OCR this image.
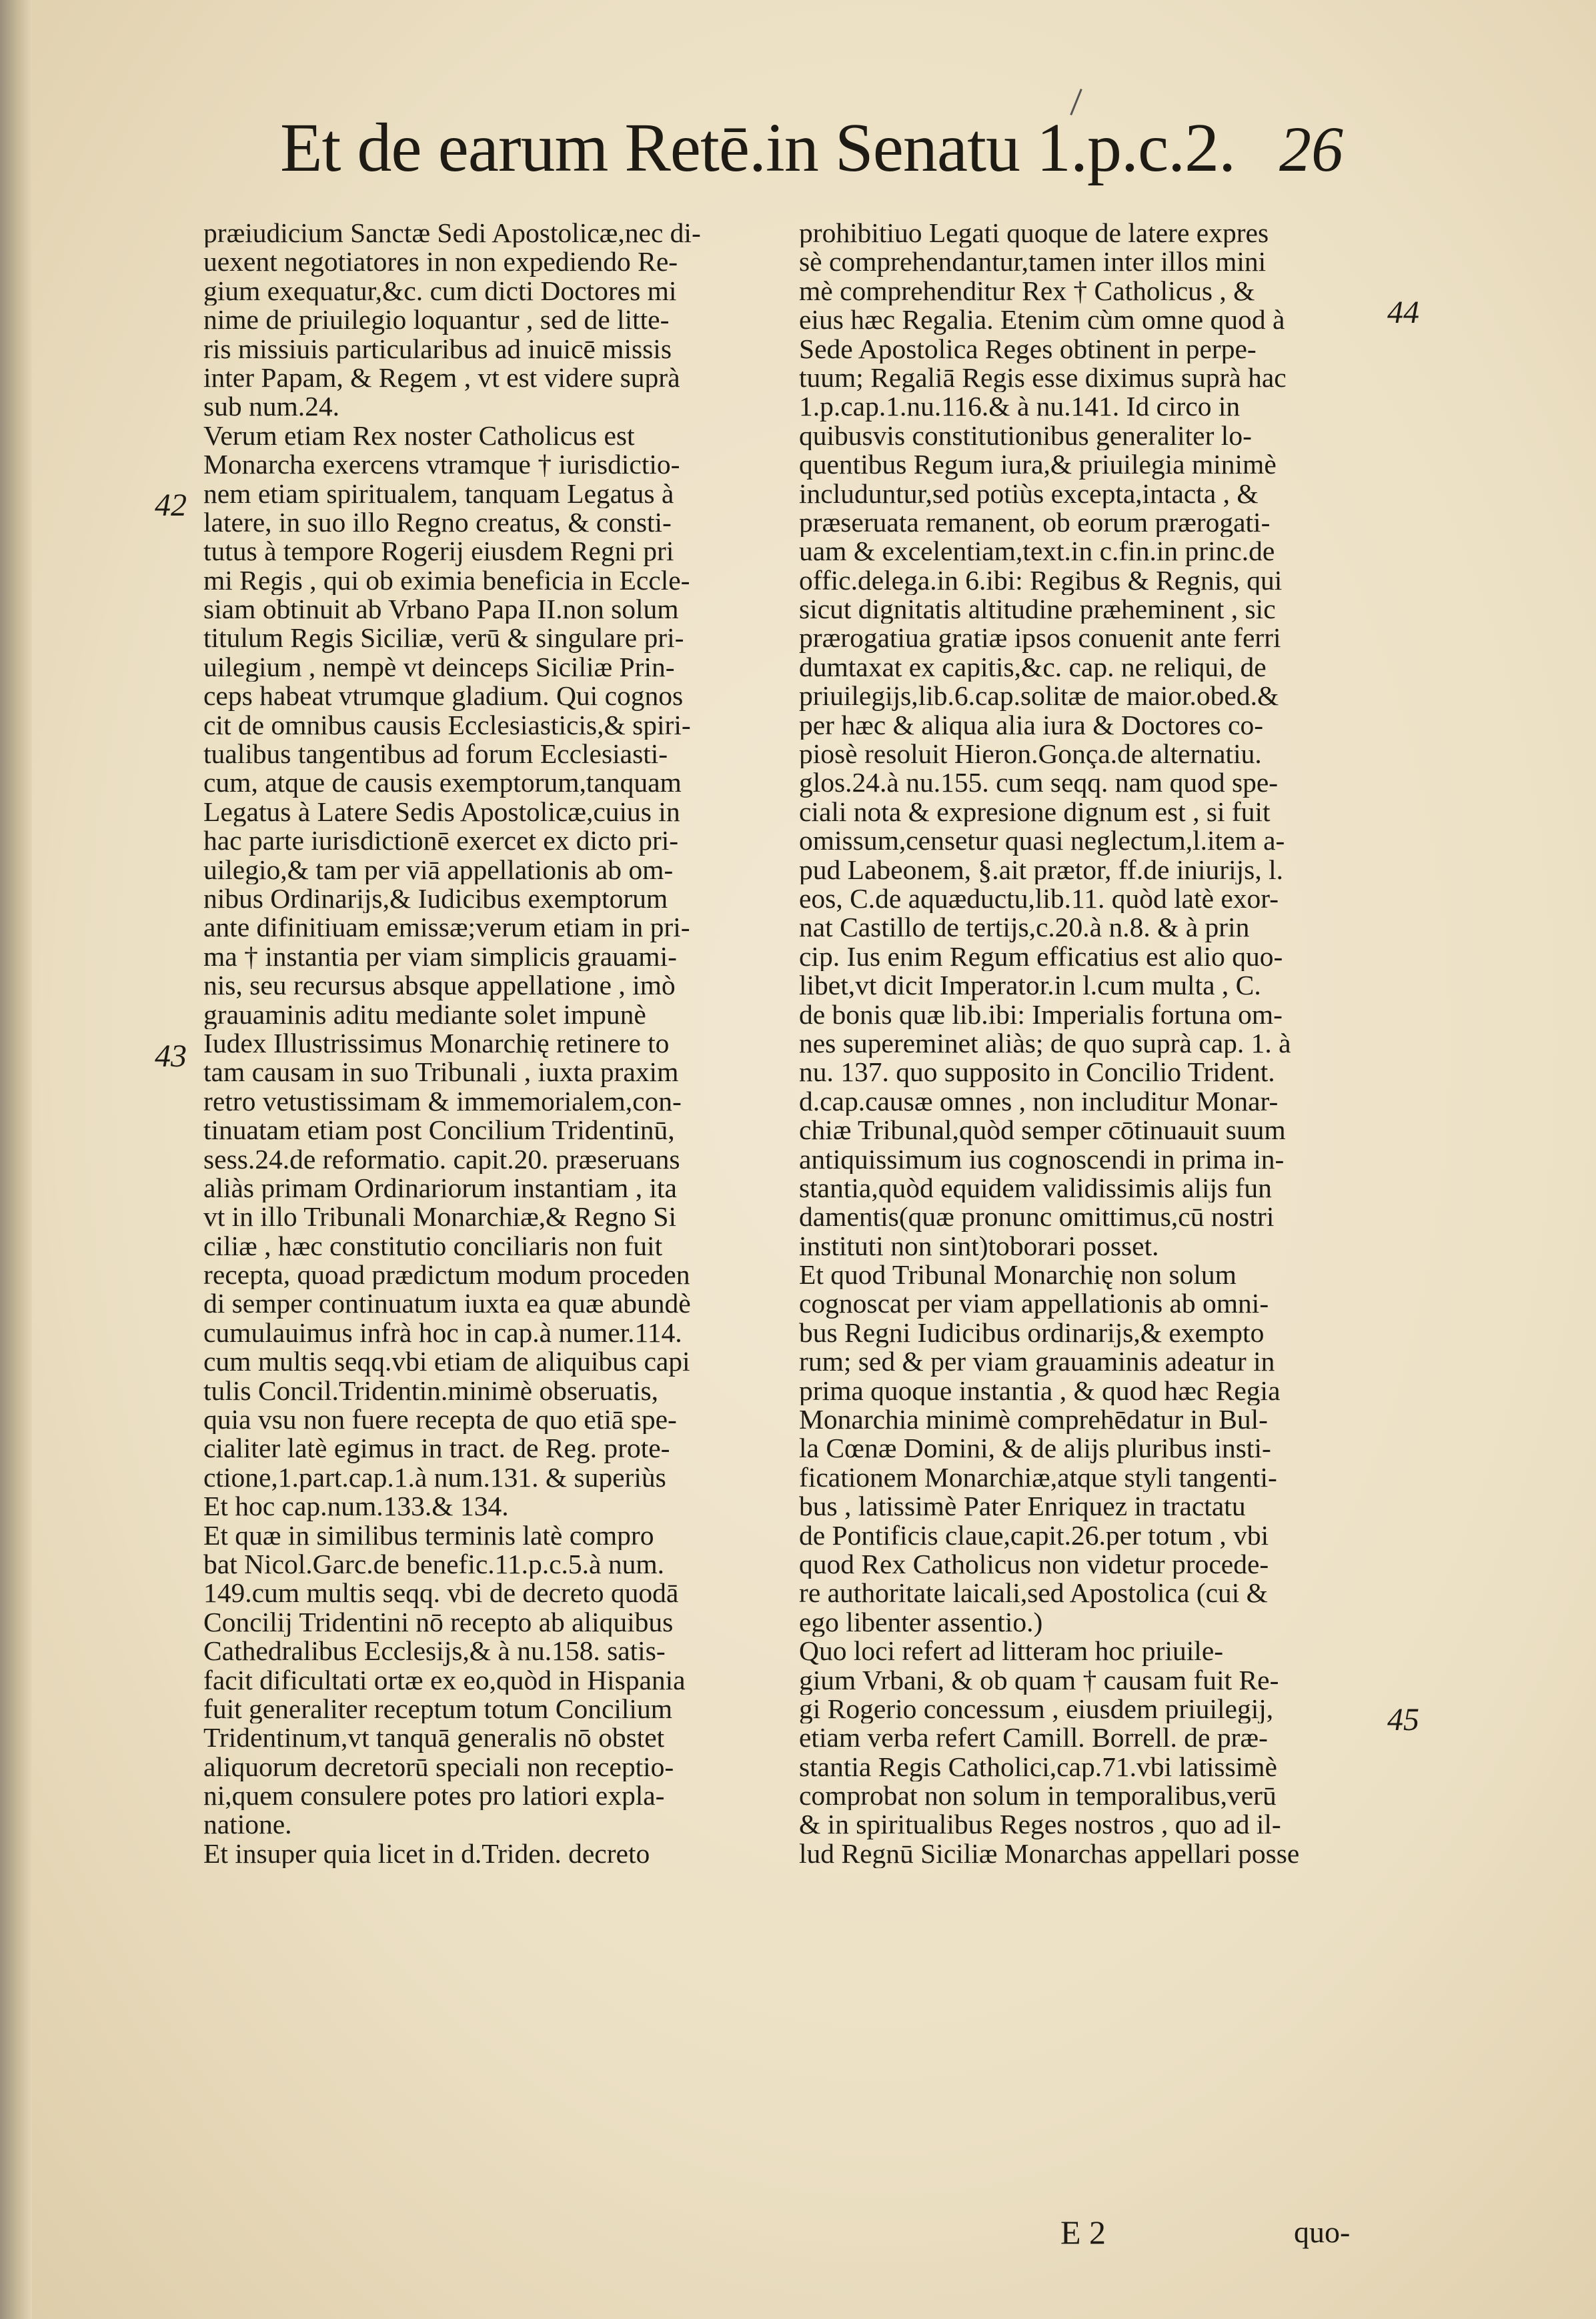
Et de earum Retē.in Senatu 1.p.c.2. 26
42
43
44
45
præiudicium Sanctæ Sedi Apostolicæ,nec di-
uexent negotiatores in non expediendo Re-
gium exequatur,&c. cum dicti Doctores mi
nime de priuilegio loquantur , sed de litte-
ris missiuis particularibus ad inuicē missis
inter Papam, & Regem , vt est videre suprà
sub num.24.
Verum etiam Rex noster Catholicus est
Monarcha exercens vtramque † iurisdictio-
nem etiam spiritualem, tanquam Legatus à
latere, in suo illo Regno creatus, & consti-
tutus à tempore Rogerij eiusdem Regni pri
mi Regis , qui ob eximia beneficia in Eccle-
siam obtinuit ab Vrbano Papa II.non solum
titulum Regis Siciliæ, verū & singulare pri-
uilegium , nempè vt deinceps Siciliæ Prin-
ceps habeat vtrumque gladium. Qui cognos
cit de omnibus causis Ecclesiasticis,& spiri-
tualibus tangentibus ad forum Ecclesiasti-
cum, atque de causis exemptorum,tanquam
Legatus à Latere Sedis Apostolicæ,cuius in
hac parte iurisdictionē exercet ex dicto pri-
uilegio,& tam per viā appellationis ab om-
nibus Ordinarijs,& Iudicibus exemptorum
ante difinitiuam emissæ;verum etiam in pri-
ma † instantia per viam simplicis grauami-
nis, seu recursus absque appellatione , imò
grauaminis aditu mediante solet impunè
Iudex Illustrissimus Monarchię retinere to
tam causam in suo Tribunali , iuxta praxim
retro vetustissimam & immemorialem,con-
tinuatam etiam post Concilium Tridentinū,
sess.24.de reformatio. capit.20. præseruans
aliàs primam Ordinariorum instantiam , ita
vt in illo Tribunali Monarchiæ,& Regno Si
ciliæ , hæc constitutio conciliaris non fuit
recepta, quoad prædictum modum proceden
di semper continuatum iuxta ea quæ abundè
cumulauimus infrà hoc in cap.à numer.114.
cum multis seqq.vbi etiam de aliquibus capi
tulis Concil.Tridentin.minimè obseruatis,
quia vsu non fuere recepta de quo etiā spe-
cialiter latè egimus in tract. de Reg. prote-
ctione,1.part.cap.1.à num.131. & superiùs
Et hoc cap.num.133.& 134.
Et quæ in similibus terminis latè compro
bat Nicol.Garc.de benefic.11.p.c.5.à num.
149.cum multis seqq. vbi de decreto quodā
Concilij Tridentini nō recepto ab aliquibus
Cathedralibus Ecclesijs,& à nu.158. satis-
facit dificultati ortæ ex eo,quòd in Hispania
fuit generaliter receptum totum Concilium
Tridentinum,vt tanquā generalis nō obstet
aliquorum decretorū speciali non receptio-
ni,quem consulere potes pro latiori expla-
natione.
Et insuper quia licet in d.Triden. decreto
prohibitiuo Legati quoque de latere expres
sè comprehendantur,tamen inter illos mini
mè comprehenditur Rex † Catholicus , &
eius hæc Regalia. Etenim cùm omne quod à
Sede Apostolica Reges obtinent in perpe-
tuum; Regaliā Regis esse diximus suprà hac
1.p.cap.1.nu.116.& à nu.141. Id circo in
quibusvis constitutionibus generaliter lo-
quentibus Regum iura,& priuilegia minimè
includuntur,sed potiùs excepta,intacta , &
præseruata remanent, ob eorum prærogati-
uam & excelentiam,text.in c.fin.in princ.de
offic.delega.in 6.ibi: Regibus & Regnis, qui
sicut dignitatis altitudine præheminent , sic
prærogatiua gratiæ ipsos conuenit ante ferri
dumtaxat ex capitis,&c. cap. ne reliqui, de
priuilegijs,lib.6.cap.solitæ de maior.obed.&
per hæc & aliqua alia iura & Doctores co-
piosè resoluit Hieron.Gonça.de alternatiu.
glos.24.à nu.155. cum seqq. nam quod spe-
ciali nota & expresione dignum est , si fuit
omissum,censetur quasi neglectum,l.item a-
pud Labeonem, §.ait prætor, ff.de iniurijs, l.
eos, C.de aquæductu,lib.11. quòd latè exor-
nat Castillo de tertijs,c.20.à n.8. & à prin
cip. Ius enim Regum efficatius est alio quo-
libet,vt dicit Imperator.in l.cum multa , C.
de bonis quæ lib.ibi: Imperialis fortuna om-
nes supereminet aliàs; de quo suprà cap. 1. à
nu. 137. quo supposito in Concilio Trident.
d.cap.causæ omnes , non includitur Monar-
chiæ Tribunal,quòd semper cōtinuauit suum
antiquissimum ius cognoscendi in prima in-
stantia,quòd equidem validissimis alijs fun
damentis(quæ pronunc omittimus,cū nostri
instituti non sint)toborari posset.
Et quod Tribunal Monarchię non solum
cognoscat per viam appellationis ab omni-
bus Regni Iudicibus ordinarijs,& exempto
rum; sed & per viam grauaminis adeatur in
prima quoque instantia , & quod hæc Regia
Monarchia minimè comprehēdatur in Bul-
la Cœnæ Domini, & de alijs pluribus insti-
ficationem Monarchiæ,atque styli tangenti-
bus , latissimè Pater Enriquez in tractatu
de Pontificis claue,capit.26.per totum , vbi
quod Rex Catholicus non videtur procede-
re authoritate laicali,sed Apostolica (cui &
ego libenter assentio.)
Quo loci refert ad litteram hoc priuile-
gium Vrbani, & ob quam † causam fuit Re-
gi Rogerio concessum , eiusdem priuilegij,
etiam verba refert Camill. Borrell. de præ-
stantia Regis Catholici,cap.71.vbi latissimè
comprobat non solum in temporalibus,verū
& in spiritualibus Reges nostros , quo ad il-
lud Regnū Siciliæ Monarchas appellari posse
E 2	quo-
